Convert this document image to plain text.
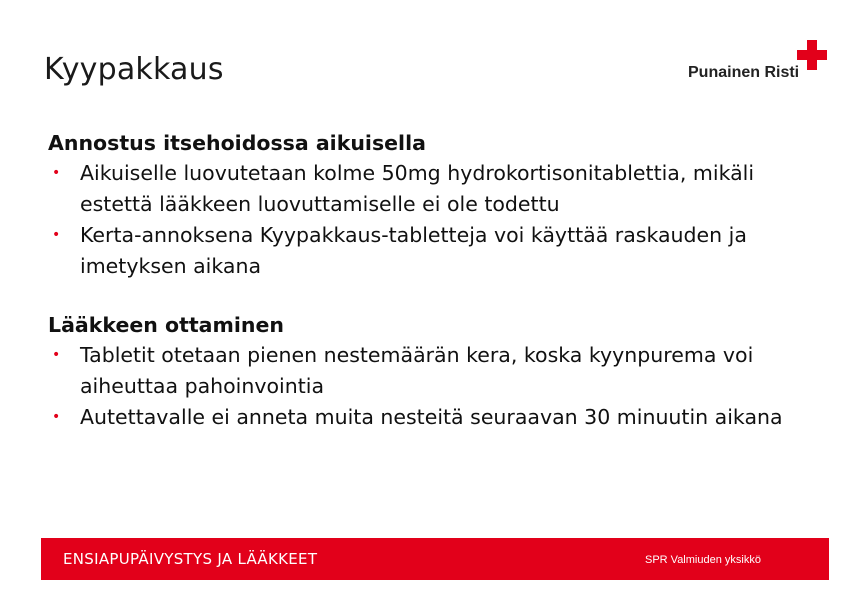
Kyypakkaus	Punainen Risti

Annostus itsehoidossa aikuisella

• Aikuiselle luovutetaan kolme 50mg hydrokortisonitablettia, mikäli estettä lääkkeen luovuttamiselle ei ole todettu
• Kerta-annoksena Kyypakkaus-tabletteja voi käyttää raskauden ja imetyksen aikana

Lääkkeen ottaminen

• Tabletit otetaan pienen nestemäärän kera, koska kyynpurema voi aiheuttaa pahoinvointia
• Autettavalle ei anneta muita nesteitä seuraavan 30 minuutin aikana
ENSIAPUPÄIVYSTYS JA LÄÄKKEET	SPR Valmiuden yksikkö
